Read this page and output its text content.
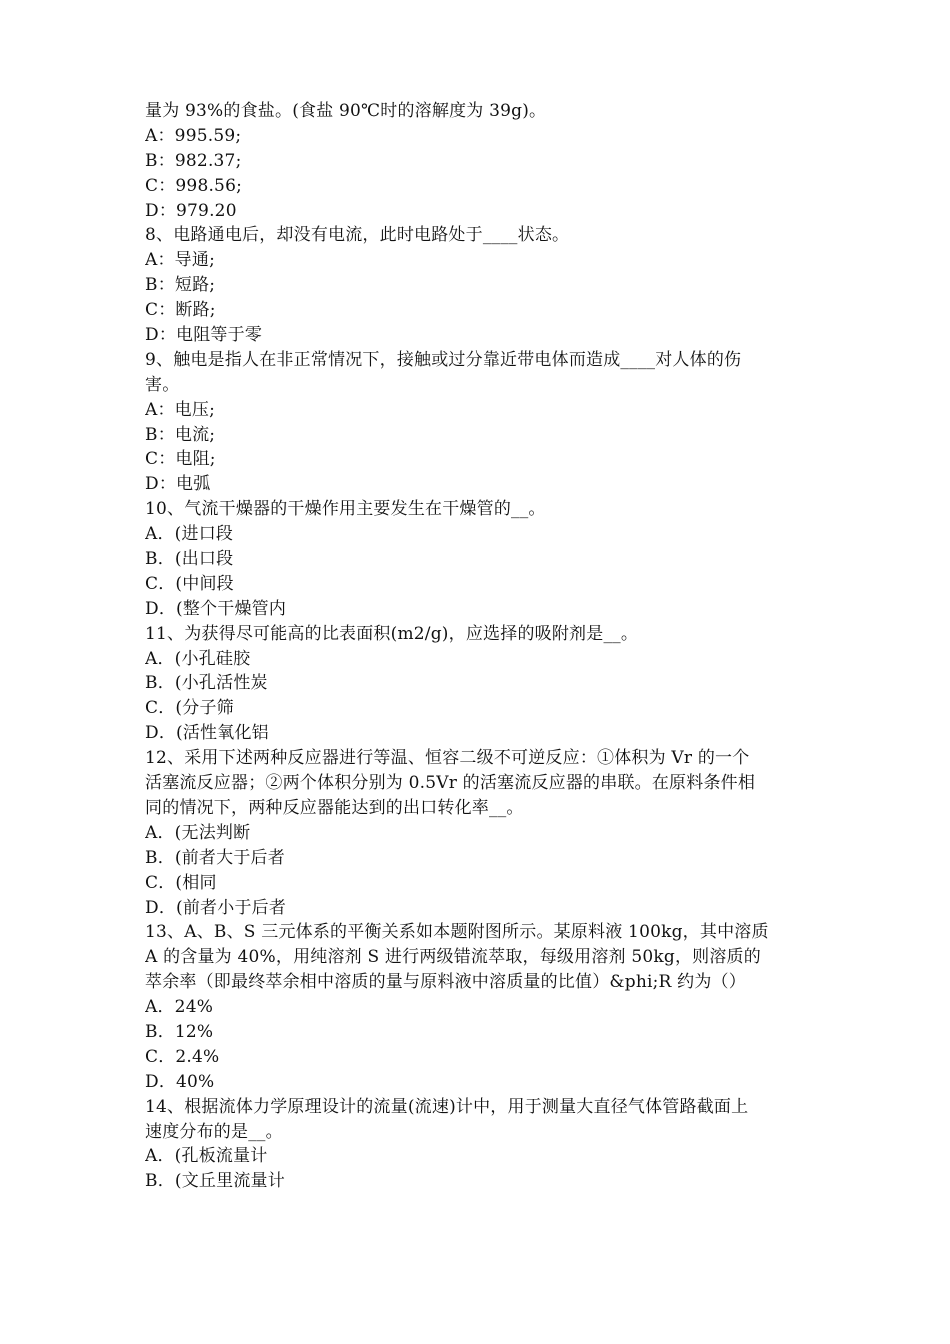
量为 93%的食盐。(食盐 90℃时的溶解度为 39g)。
A：995.59;
B：982.37;
C：998.56;
D：979.20
8、电路通电后，却没有电流，此时电路处于____状态。
A：导通;
B：短路;
C：断路;
D：电阻等于零
9、触电是指人在非正常情况下，接触或过分靠近带电体而造成____对人体的伤
害。
A：电压;
B：电流;
C：电阻;
D：电弧
10、气流干燥器的干燥作用主要发生在干燥管的__。
A．(进口段
B．(出口段
C．(中间段
D．(整个干燥管内
11、为获得尽可能高的比表面积(m2/g)，应选择的吸附剂是__。
A．(小孔硅胶
B．(小孔活性炭
C．(分子筛
D．(活性氧化铝
12、采用下述两种反应器进行等温、恒容二级不可逆反应：①体积为 Vr 的一个
活塞流反应器；②两个体积分别为 0.5Vr 的活塞流反应器的串联。在原料条件相
同的情况下，两种反应器能达到的出口转化率__。
A．(无法判断
B．(前者大于后者
C．(相同
D．(前者小于后者
13、A、B、S 三元体系的平衡关系如本题附图所示。某原料液 100kg，其中溶质
A 的含量为 40%，用纯溶剂 S 进行两级错流萃取，每级用溶剂 50kg，则溶质的
萃余率（即最终萃余相中溶质的量与原料液中溶质量的比值）&phi;R 约为（）
A．24%
B．12%
C．2.4%
D．40%
14、根据流体力学原理设计的流量(流速)计中，用于测量大直径气体管路截面上
速度分布的是__。
A．(孔板流量计
B．(文丘里流量计
